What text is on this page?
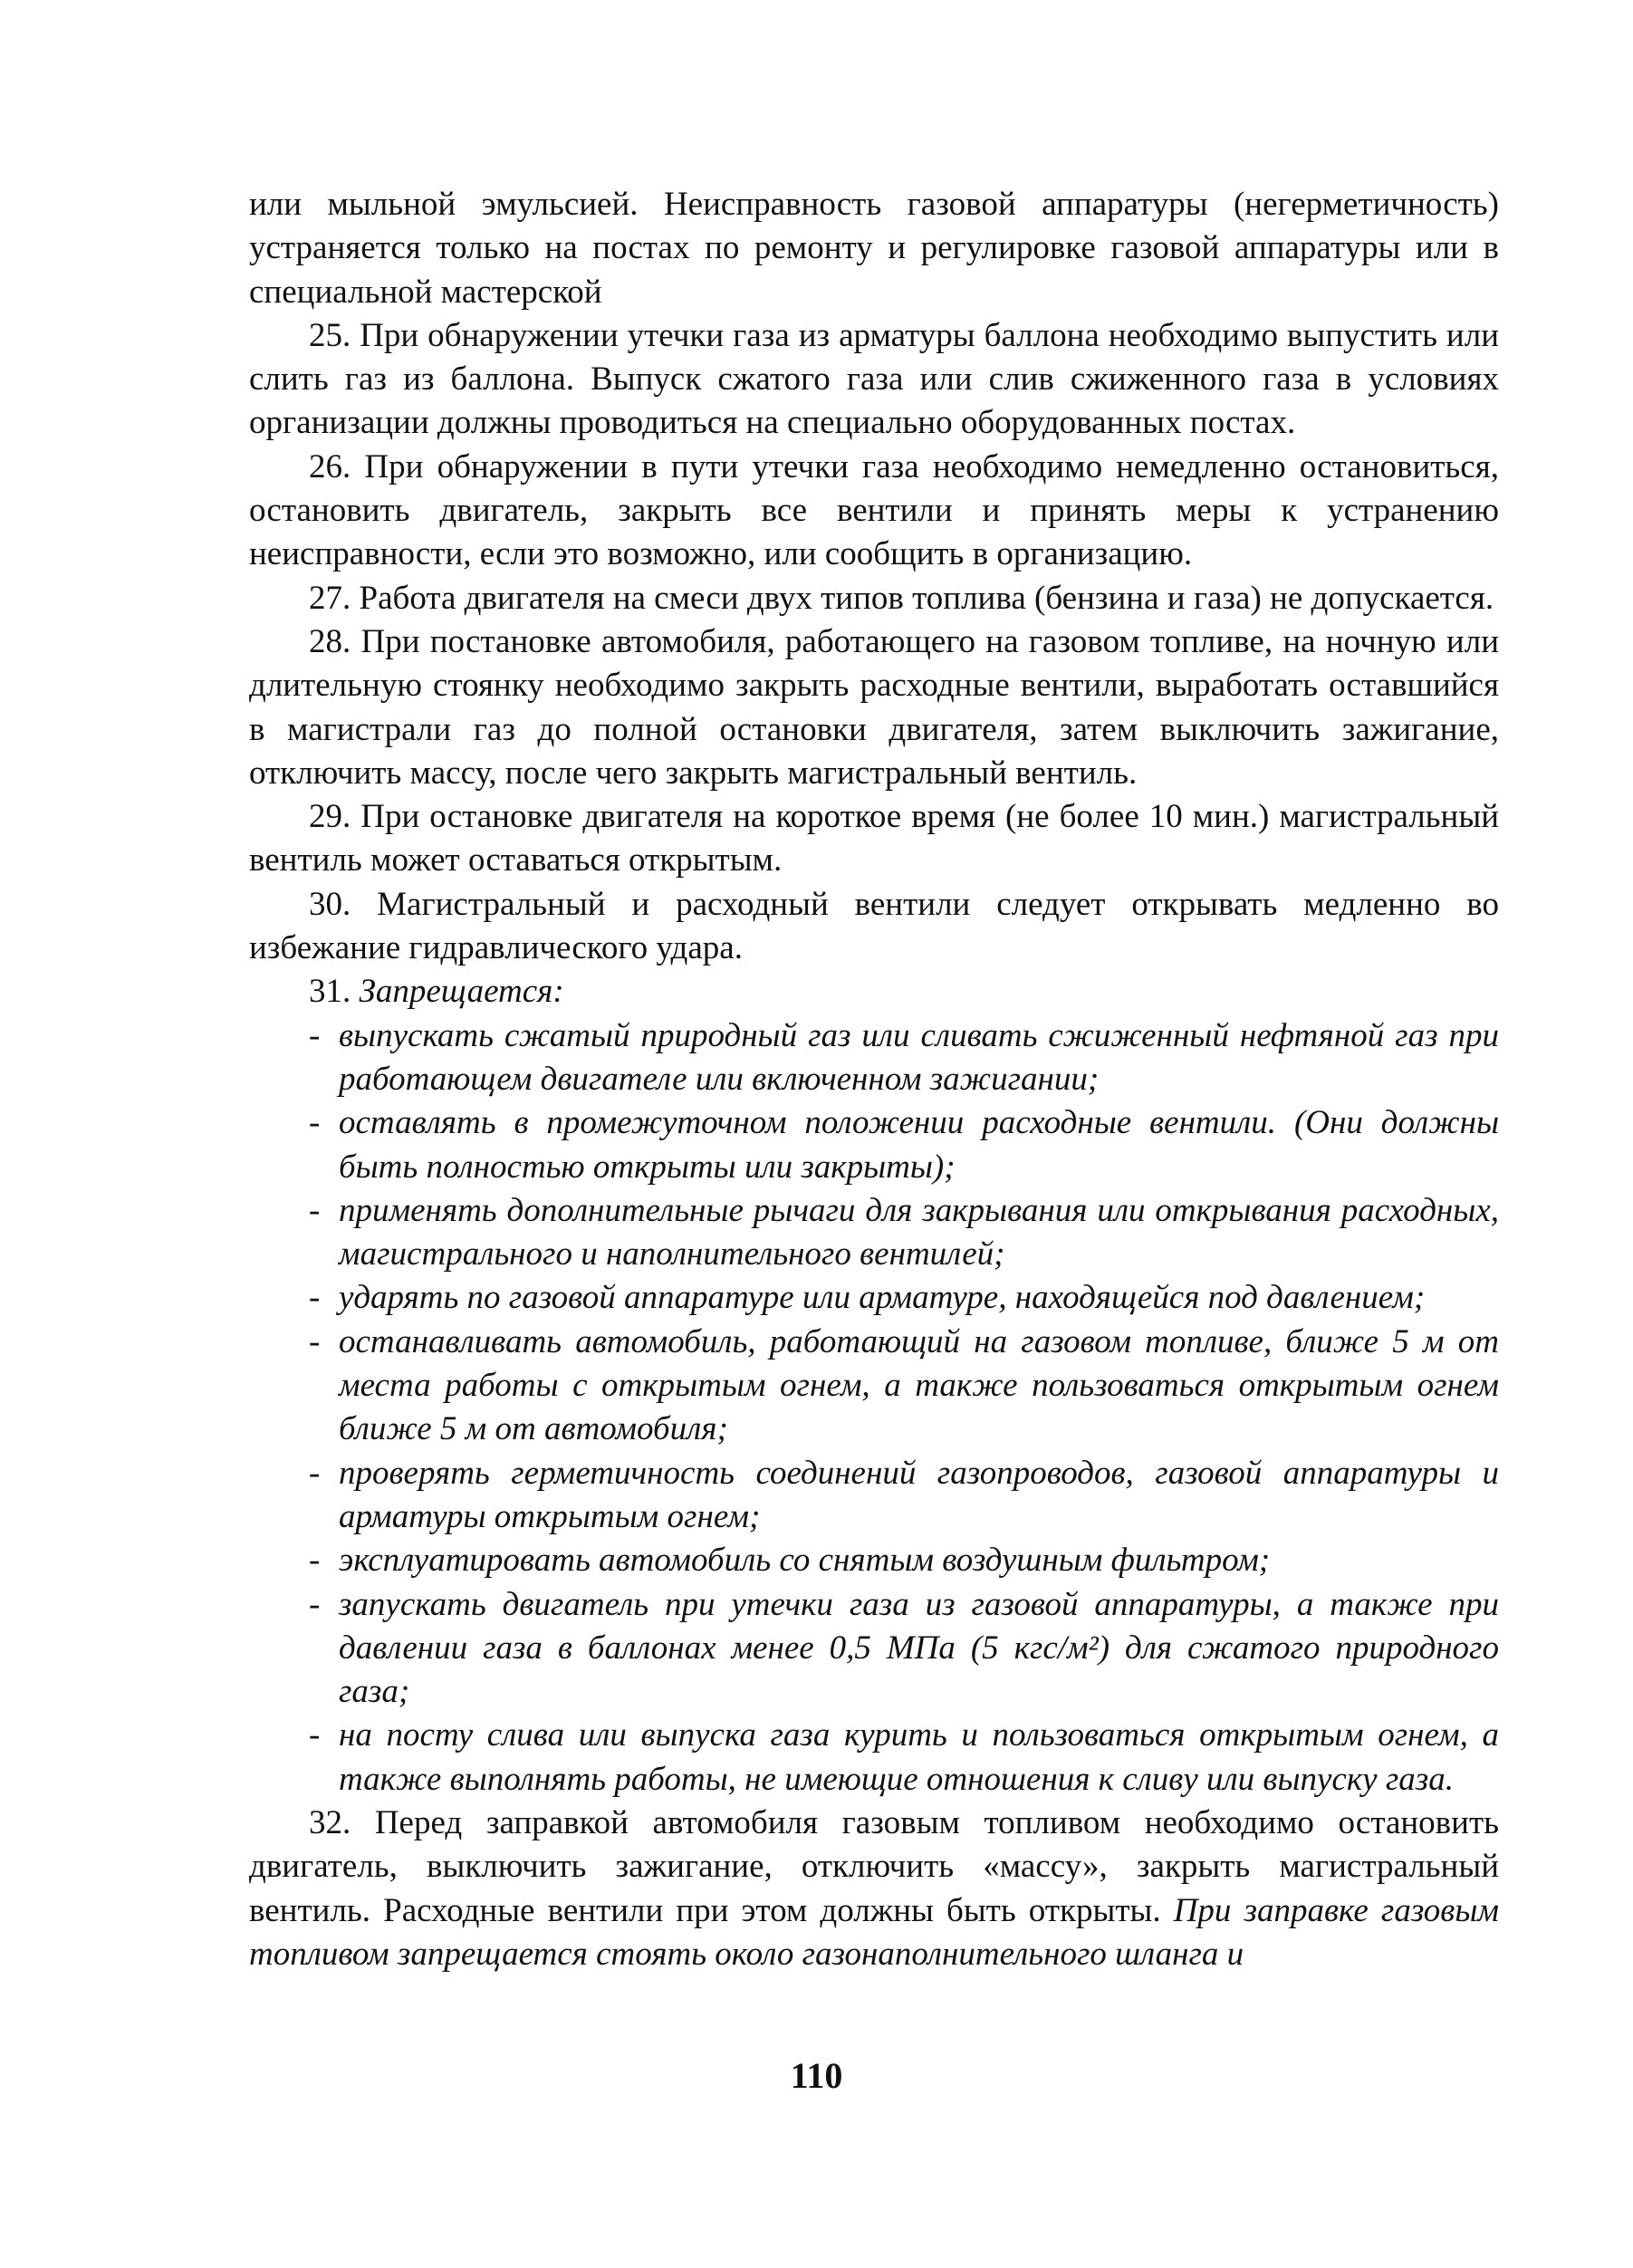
или мыльной эмульсией. Неисправность газовой аппаратуры (негерметичность) устраняется только на постах по ремонту и регулировке газовой аппаратуры или в специальной мастерской

25. При обнаружении утечки газа из арматуры баллона необходимо выпустить или слить газ из баллона. Выпуск сжатого газа или слив сжиженного газа в условиях организации должны проводиться на специально оборудованных постах.

26. При обнаружении в пути утечки газа необходимо немедленно остановиться, остановить двигатель, закрыть все вентили и принять меры к устранению неисправности, если это возможно, или сообщить в организацию.

27. Работа двигателя на смеси двух типов топлива (бензина и газа) не допускается.

28. При постановке автомобиля, работающего на газовом топливе, на ночную или длительную стоянку необходимо закрыть расходные вентили, выработать оставшийся в магистрали газ до полной остановки двигателя, затем выключить зажигание, отключить массу, после чего закрыть магистральный вентиль.

29. При остановке двигателя на короткое время (не более 10 мин.) магистральный вентиль может оставаться открытым.

30. Магистральный и расходный вентили следует открывать медленно во избежание гидравлического удара.

31. Запрещается:

- выпускать сжатый природный газ или сливать сжиженный нефтяной газ при работающем двигателе или включенном зажигании;
- оставлять в промежуточном положении расходные вентили. (Они должны быть полностью открыты или закрыты);
- применять дополнительные рычаги для закрывания или открывания расходных, магистрального и наполнительного вентилей;
- ударять по газовой аппаратуре или арматуре, находящейся под давлением;
- останавливать автомобиль, работающий на газовом топливе, ближе 5 м от места работы с открытым огнем, а также пользоваться открытым огнем ближе 5 м от автомобиля;
- проверять герметичность соединений газопроводов, газовой аппаратуры и арматуры открытым огнем;
- эксплуатировать автомобиль со снятым воздушным фильтром;
- запускать двигатель при утечки газа из газовой аппаратуры, а также при давлении газа в баллонах менее 0,5 МПа (5 кгс/м²) для сжатого природного газа;
- на посту слива или выпуска газа курить и пользоваться открытым огнем, а также выполнять работы, не имеющие отношения к сливу или выпуску газа.

32. Перед заправкой автомобиля газовым топливом необходимо остановить двигатель, выключить зажигание, отключить «массу», закрыть магистральный вентиль. Расходные вентили при этом должны быть открыты. При заправке газовым топливом запрещается стоять около газонаполнительного шланга и

110
